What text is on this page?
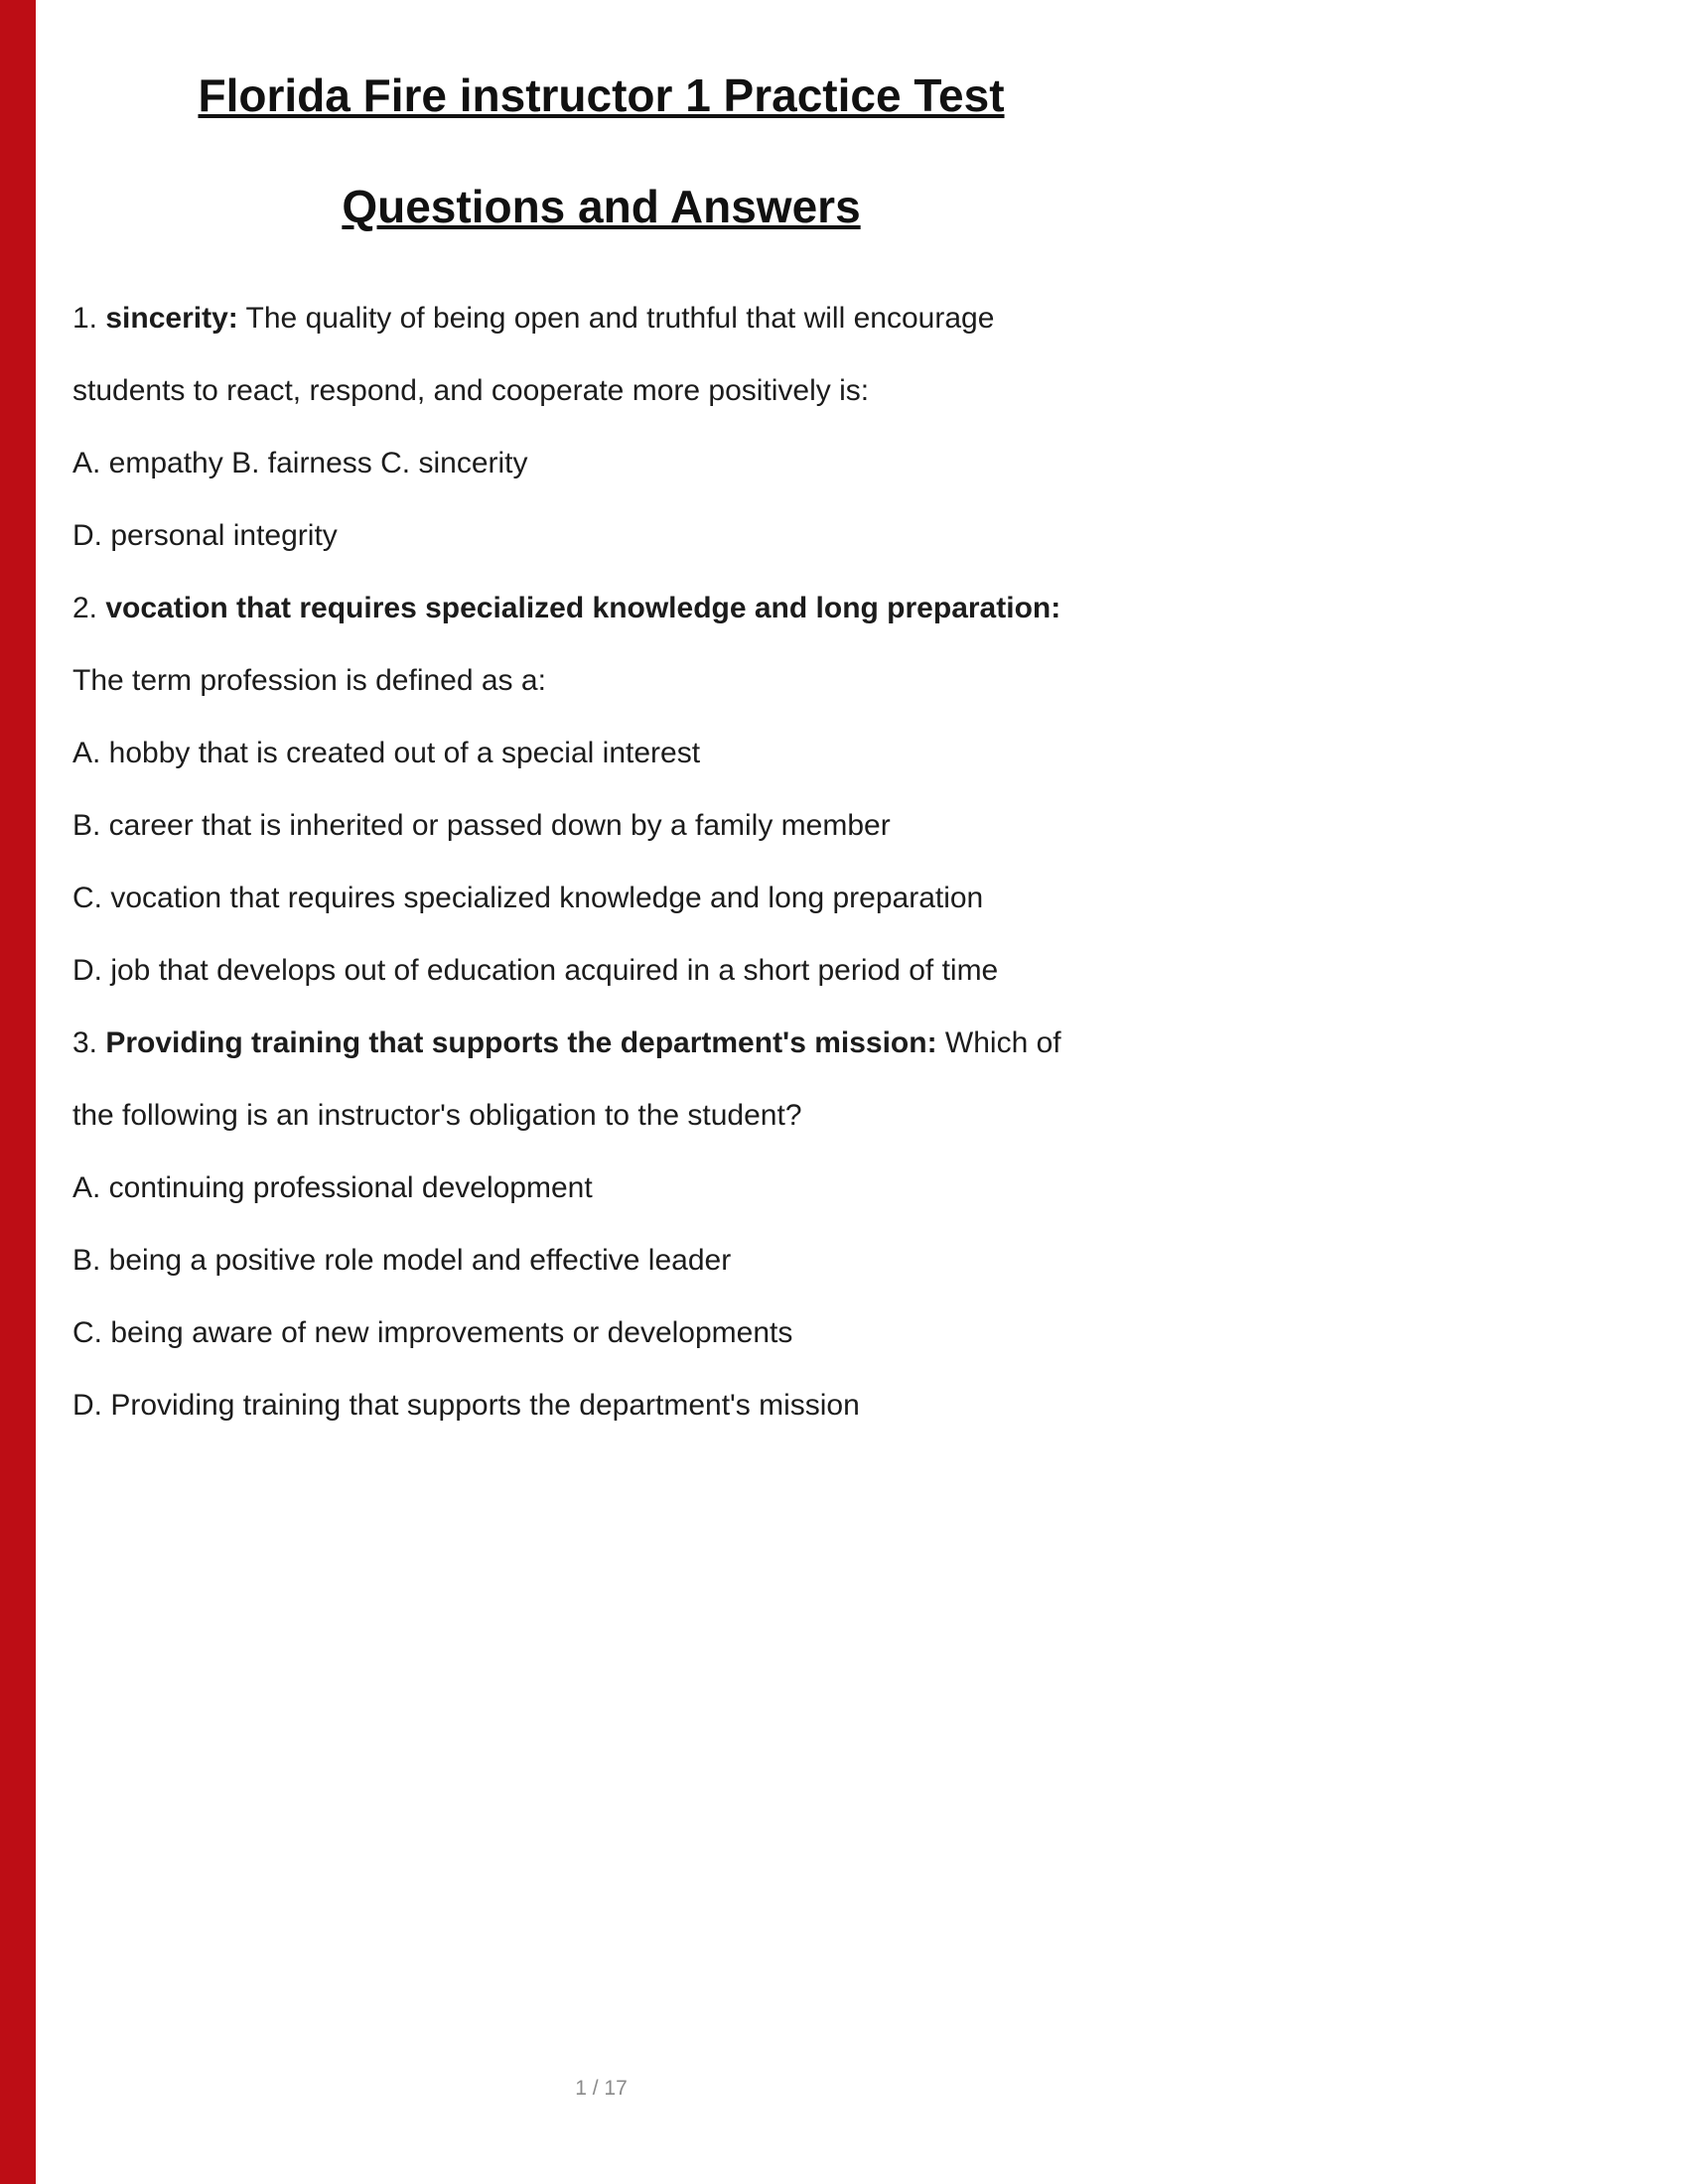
Florida Fire instructor 1 Practice Test
Questions and Answers

1. sincerity: The quality of being open and truthful that will encourage

students to react, respond, and cooperate more positively is:

A. empathy B. fairness C. sincerity

D. personal integrity

2. vocation that requires specialized knowledge and long preparation:

The term profession is defined as a:

A. hobby that is created out of a special interest

B. career that is inherited or passed down by a family member

C. vocation that requires specialized knowledge and long preparation

D. job that develops out of education acquired in a short period of time

3. Providing training that supports the department's mission: Which of

the following is an instructor's obligation to the student?

A. continuing professional development

B. being a positive role model and effective leader

C. being aware of new improvements or developments

D. Providing training that supports the department's mission

1 / 17
